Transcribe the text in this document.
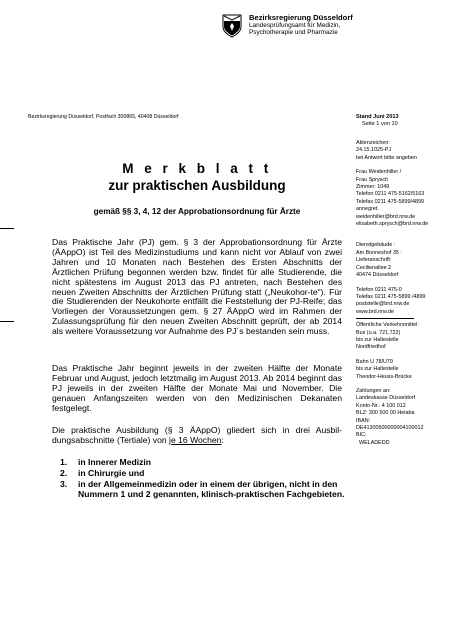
Bezirksregierung Düsseldorf
Landesprüfungsamt für Medizin,
Psychotherapie und Pharmazie
Bezirksregierung Düsseldorf, Postfach 300865, 40408 Düsseldorf	Stand Juni 2013
Seite 1 von 10
M e r k b l a t t
zur praktischen Ausbildung
gemäß §§ 3, 4, 12 der Approbationsordnung für Ärzte
Das Praktische Jahr (PJ) gem. § 3 der Approbationsordnung für Ärzte (ÄAppO) ist Teil des Medizinstudiums und kann nicht vor Ablauf von zwei Jahren und 10 Monaten nach Bestehen des Ersten Abschnitts der Ärztlichen Prüfung begonnen werden bzw. findet für alle Studierende, die nicht spätestens im August 2013 das PJ antreten, nach Bestehen des neuen Zweiten Abschnitts der Ärztlichen Prüfung statt („Neukohor-te“). Für die Studierenden der Neukohorte entfällt die Feststellung der PJ-Reife; das Vorliegen der Voraussetzungen gem. § 27 ÄAppO wird im Rahmen der Zulassungsprüfung für den neuen Zweiten Abschnitt geprüft, der ab 2014 als weitere Voraussetzung vor Aufnahme des PJ´s bestanden sein muss.
Das Praktische Jahr beginnt jeweils in der zweiten Hälfte der Monate Februar und August, jedoch letztmalig im August 2013. Ab 2014 beginnt das PJ jeweils in der zweiten Hälfte der Monate Mai und November. Die genauen Anfangszeiten werden von den Medizinischen Dekanaten festgelegt.
Die praktische Ausbildung (§ 3 ÄAppO) gliedert sich in drei Ausbil-dungsabschnitte (Tertiale) von je 16 Wochen:
1. in Innerer Medizin
2. in Chirurgie und
3. in der Allgemeinmedizin oder in einem der übrigen, nicht in den Nummern 1 und 2 genannten, klinisch-praktischen Fachgebieten.
Aktenzeichen:
24.15.1025-PJ
bei Antwort bitte angeben
Frau Weidenhiller /
Frau Sprysch
Zimmer: 1049
Telefon 0211 475-5162/5163
Telefax 0211 475-5899/4899
annegret.
weidenhiller@brd.nrw.de
elisabeth.sprysch@brd.nrw.de
Dienstgebäude :
Am Bonneshof 35 :
Lieferanschrift:
Cecilienallee 2
40474 Düsseldorf
Telefon 0211 475-0
Telefax 0211 475-5899 /4899
poststelle@brd.nrw.de
www.brd.nrw.de
Öffentliche Verkehrsmittel:
Bus (u.a. 721,722)
bis zur Haltestelle
Nordfriedhof
Bahn U 78/U79
bis zur Haltestelle
Theodor-Heuss-Brücke
Zahlungen an:
Landeskasse Düsseldorf
Konto-Nr.: 4 100 012
BLZ: 300 500 00 Helaba
IBAN:
DE41300500000004100012
BIC:
WELADEDD
